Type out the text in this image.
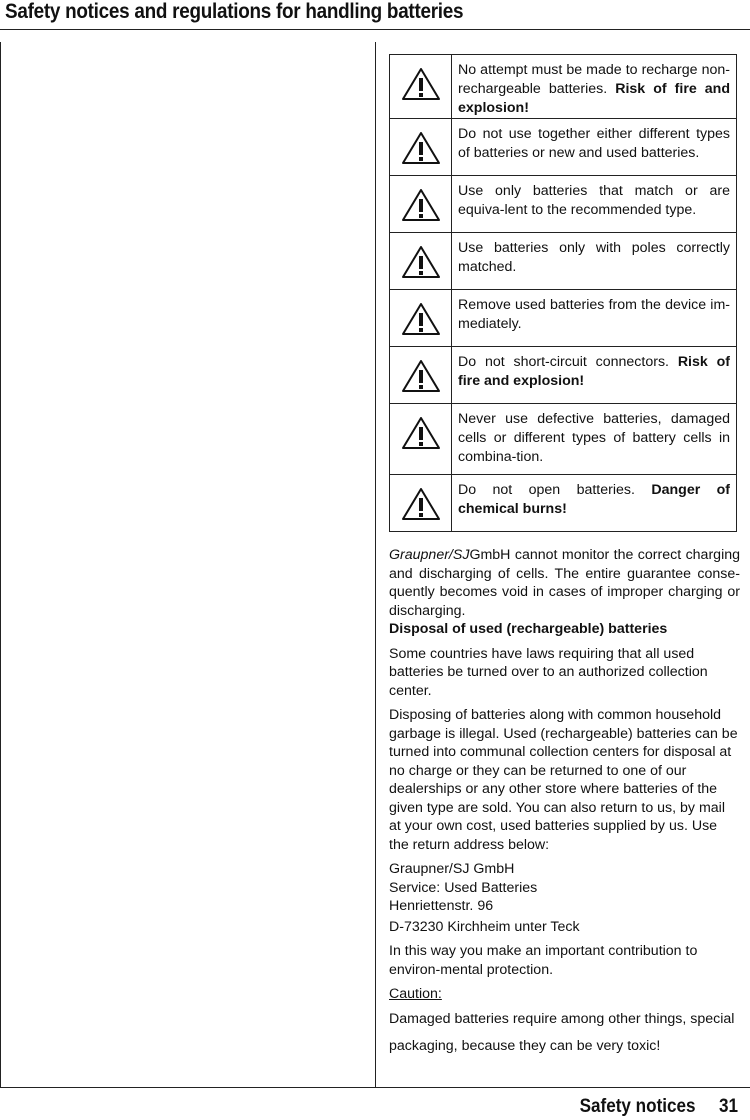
Safety notices and regulations for handling batteries
	No attempt must be made to recharge non-rechargeable batteries. Risk of fire and explosion!

	Do not use together either different types of batteries or new and used batteries.

	Use only batteries that match or are equiva-lent to the recommended type.

	Use batteries only with poles correctly matched.

	Remove used batteries from the device im-mediately.

	Do not short-circuit connectors. Risk of fire and explosion!

	Never use defective batteries, damaged cells or different types of battery cells in combina-tion.

	Do not open batteries. Danger of chemical burns!

Graupner/SJGmbH cannot monitor the correct charging and discharging of cells. The entire guarantee conse-quently becomes void in cases of improper charging or discharging.

Disposal of used (rechargeable) batteries

Some countries have laws requiring that all used batteries be turned over to an authorized collection center.

Disposing of batteries along with common household garbage is illegal. Used (rechargeable) batteries can be turned into communal collection centers for disposal at no charge or they can be returned to one of our dealerships or any other store where batteries of the given type are sold. You can also return to us, by mail at your own cost, used batteries supplied by us. Use the return address below:

Graupner/SJ GmbH
Service: Used Batteries
Henriettenstr. 96

D-73230 Kirchheim unter Teck

In this way you make an important contribution to environ-mental protection.

Caution:

Damaged batteries require among other things, special
packaging, because they can be very toxic!

Safety notices 31
